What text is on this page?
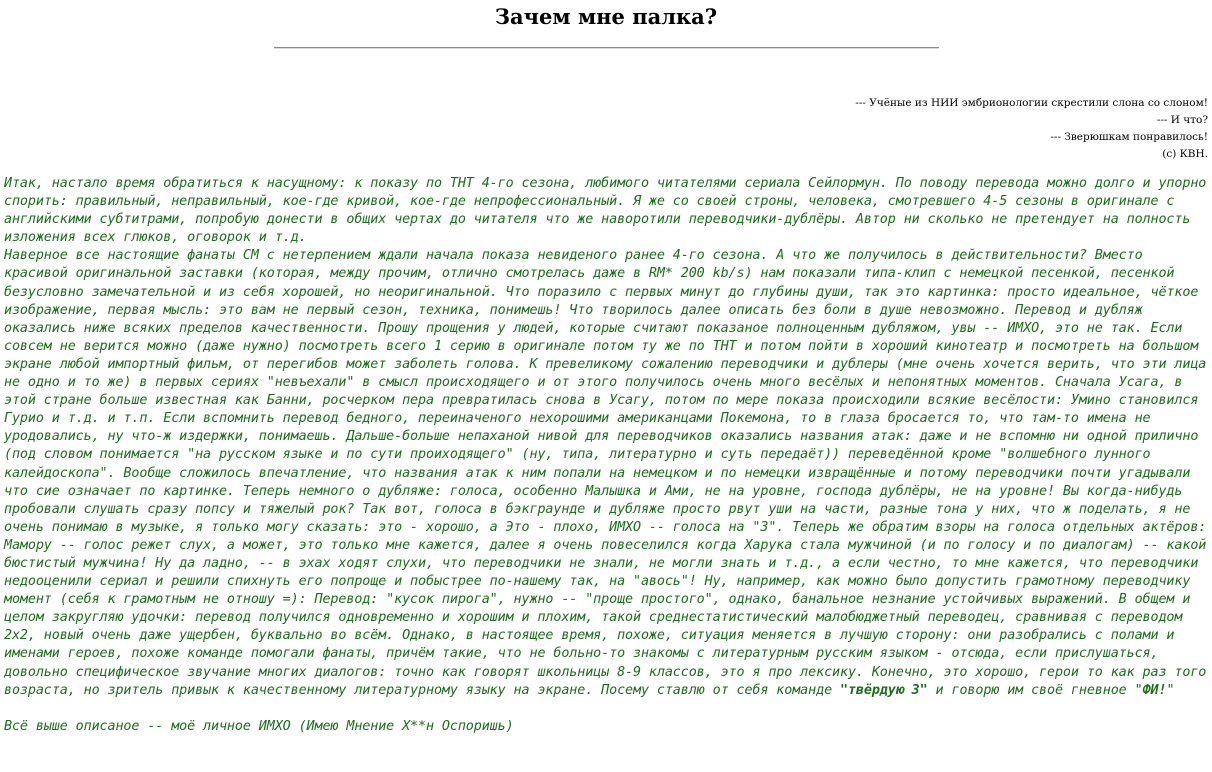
Зачем мне палка?
--- Учёные из НИИ эмбрионологии скрестили слона со слоном!
--- И что?
--- Зверюшкам понравилось!
(с) КВН.

Итак, настало время обратиться к насущному: к показу по ТНТ 4-го сезона, любимого читателями сериала Сейлормун. По поводу перевода можно долго и упорно спорить: правильный, неправильный, кое-где кривой, кое-где непрофессиональный. Я же со своей строны, человека, смотревшего 4-5 сезоны в оригинале с английскими субтитрами, попробую донести в общих чертах до читателя что же наворотили переводчики-дублёры. Автор ни сколько не претендует на полность изложения всех глюков, оговорок и т.д.

Наверное все настоящие фанаты СМ с нетерпением ждали начала показа невиденого ранее 4-го сезона. А что же получилось в действительности? Вместо красивой оригинальной заставки (которая, между прочим, отлично смотрелась даже в RM* 200 kb/s) нам показали типа-клип с немецкой песенкой, песенкой безусловно замечательной и из себя хорошей, но неоригинальной. Что поразило с первых минут до глубины души, так это картинка: просто идеальное, чёткое изображение, первая мысль: это вам не первый сезон, техника, понимешь! Что творилось далее описать без боли в душе невозможно. Перевод и дубляж оказались ниже всяких пределов качественности. Прошу прощения у людей, которые считают показаное полноценным дубляжом, увы -- ИМХО, это не так. Если совсем не верится можно (даже нужно) посмотреть всего 1 серию в оригинале потом ту же по ТНТ и потом пойти в хороший кинотеатр и посмотреть на большом экране любой импортный фильм, от перегибов может заболеть голова. К превеликому сожалению переводчики и дублеры (мне очень хочется верить, что эти лица не одно и то же) в первых сериях "невъехали" в смысл происходящего и от этого получилось очень много весёлых и непонятных моментов. Сначала Усага, в этой стране больше известная как Банни, росчерком пера превратилась снова в Усагу, потом по мере показа происходили всякие весёлости: Умино становился Гурио и т.д. и т.п. Если вспомнить перевод бедного, переиначеного нехорошими американцами Покемона, то в глаза бросается то, что там-то имена не уродовались, ну что-ж издержки, понимаешь. Дальше-больше непаханой нивой для переводчиков оказались названия атак: даже и не вспомню ни одной прилично (под словом понимается "на русском языке и по сути проиходящего" (ну, типа, литературно и суть передаёт)) переведённой кроме "волшебного лунного калейдоскопа". Вообще сложилось впечатление, что названия атак к ним попали на немецком и по немецки извращённые и потому переводчики почти угадывали что сие означает по картинке. Теперь немного о дубляже: голоса, особенно Малышка и Ами, не на уровне, господа дублёры, не на уровне! Вы когда-нибудь пробовали слушать сразу попсу и тяжелый рок? Так вот, голоса в бэкграунде и дубляже просто рвут уши на части, разные тона у них, что ж поделать, я не очень понимаю в музыке, я только могу сказать: это - хорошо, а Это - плохо, ИМХО -- голоса на "3". Теперь же обратим взоры на голоса отдельных актёров: Мамору -- голос режет слух, а может, это только мне кажется, далее я очень повеселился когда Харука стала мужчиной (и по голосу и по диалогам) -- какой бюстистый мужчина! Ну да ладно, -- в эхах ходят слухи, что переводчики не знали, не могли знать и т.д., а если честно, то мне кажется, что переводчики недооценили сериал и решили спихнуть его попроще и побыстрее по-нашему так, на "авось"! Ну, например, как можно было допустить грамотному переводчику момент (себя к грамотным не отношу =): Перевод: "кусок пирога", нужно -- "проще простого", однако, банальное незнание устойчивых выражений. В общем и целом закругляю удочки: перевод получился одновременно и хорошим и плохим, такой среднестатистический малобюджетный переводец, сравнивая с переводом 2х2, новый очень даже ущербен, буквально во всём. Однако, в настоящее время, похоже, ситуация меняется в лучшую сторону: они разобрались с полами и именами героев, похоже команде помогали фанаты, причём такие, что не больно-то знакомы с литературным русским языком - отсюда, если прислушаться, довольно специфическое звучание многих диалогов: точно как говорят школьницы 8-9 классов, это я про лексику. Конечно, это хорошо, герои то как раз того возраста, но зритель привык к качественному литературному языку на экране. Посему ставлю от себя команде "твёрдую 3" и говорю им своё гневное "ФИ!"

Всё выше описаное -- моё личное ИМХО (Имею Мнение Х**н Оспоришь)
